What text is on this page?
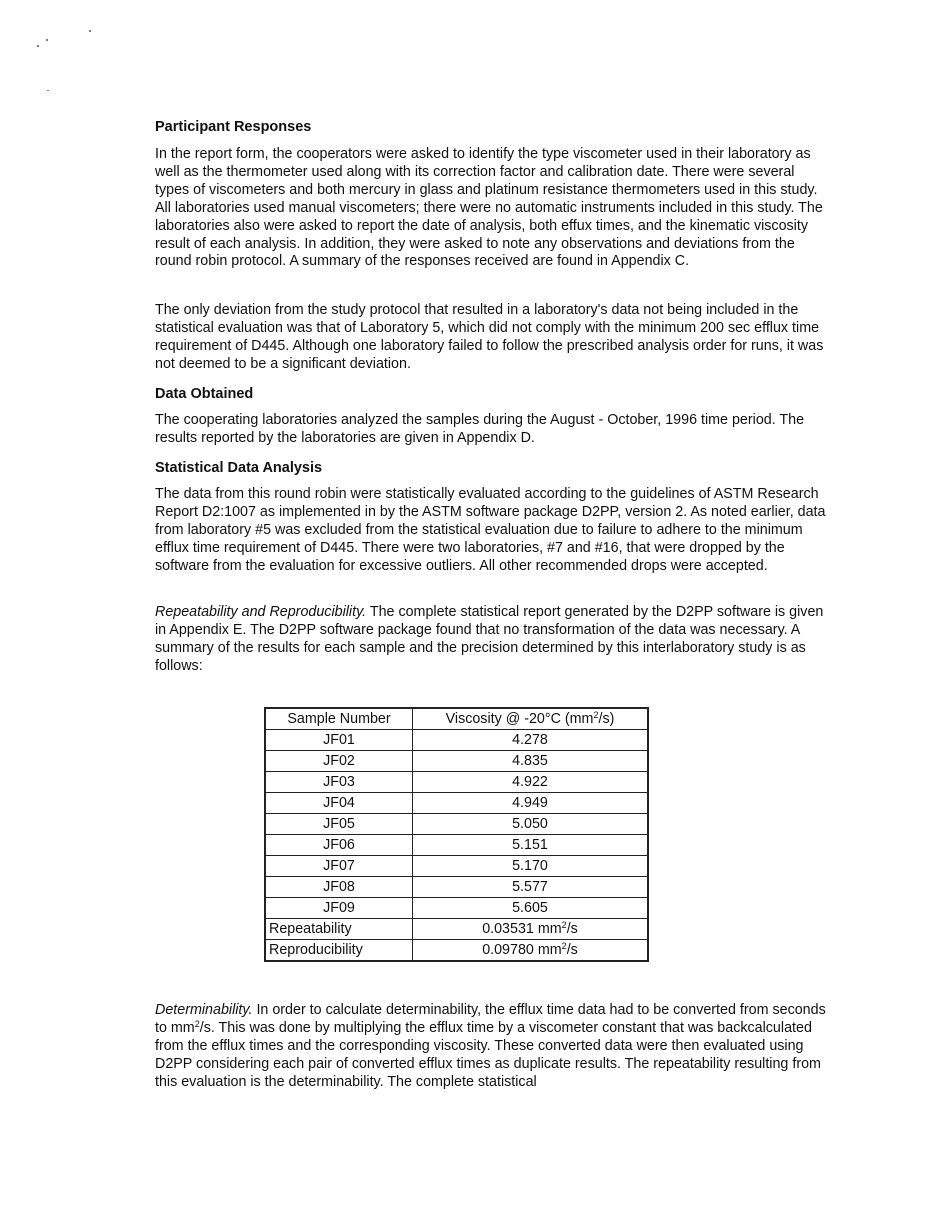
Participant Responses

In the report form, the cooperators were asked to identify the type viscometer used in their laboratory as well as the thermometer used along with its correction factor and calibration date. There were several types of viscometers and both mercury in glass and platinum resistance thermometers used in this study. All laboratories used manual viscometers; there were no automatic instruments included in this study. The laboratories also were asked to report the date of analysis, both effux times, and the kinematic viscosity result of each analysis. In addition, they were asked to note any observations and deviations from the round robin protocol. A summary of the responses received are found in Appendix C.

The only deviation from the study protocol that resulted in a laboratory's data not being included in the statistical evaluation was that of Laboratory 5, which did not comply with the minimum 200 sec efflux time requirement of D445. Although one laboratory failed to follow the prescribed analysis order for runs, it was not deemed to be a significant deviation.

Data Obtained

The cooperating laboratories analyzed the samples during the August - October, 1996 time period. The results reported by the laboratories are given in Appendix D.

Statistical Data Analysis

The data from this round robin were statistically evaluated according to the guidelines of ASTM Research Report D2:1007 as implemented in by the ASTM software package D2PP, version 2. As noted earlier, data from laboratory #5 was excluded from the statistical evaluation due to failure to adhere to the minimum efflux time requirement of D445. There were two laboratories, #7 and #16, that were dropped by the software from the evaluation for excessive outliers. All other recommended drops were accepted.

Repeatability and Reproducibility. The complete statistical report generated by the D2PP software is given in Appendix E. The D2PP software package found that no transformation of the data was necessary. A summary of the results for each sample and the precision determined by this interlaboratory study is as follows:

Determinability. In order to calculate determinability, the efflux time data had to be converted from seconds to $mm^2/s$. This was done by multiplying the efflux time by a viscometer constant that was backcalculated from the efflux times and the corresponding viscosity. These converted data were then evaluated using D2PP considering each pair of converted efflux times as duplicate results. The repeatability resulting from this evaluation is the determinability. The complete statistical

Sample Number	Viscosity @ -20°C $(mm^2/s)$
JF01	4.278
JF02	4.835
JF03	4.922
JF04	4.949
JF05	5.050
JF06	5.151
JF07	5.170
JF08	5.577
JF09	5.605
Repeatability	0.03531 $mm^2/s$
Reproducibility	0.09780 $mm^2/s$
